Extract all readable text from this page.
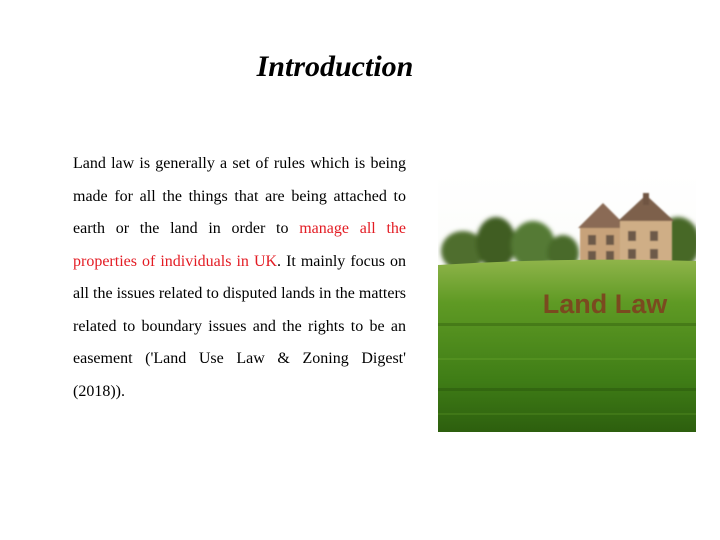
Introduction

Land law is generally a set of rules which is being made for all the things that are being attached to earth or the land in order to manage all the properties of individuals in UK. It mainly focus on all the issues related to disputed lands in the matters related to boundary issues and the rights to be an easement ('Land Use Law & Zoning Digest' (2018)).

Land Law
